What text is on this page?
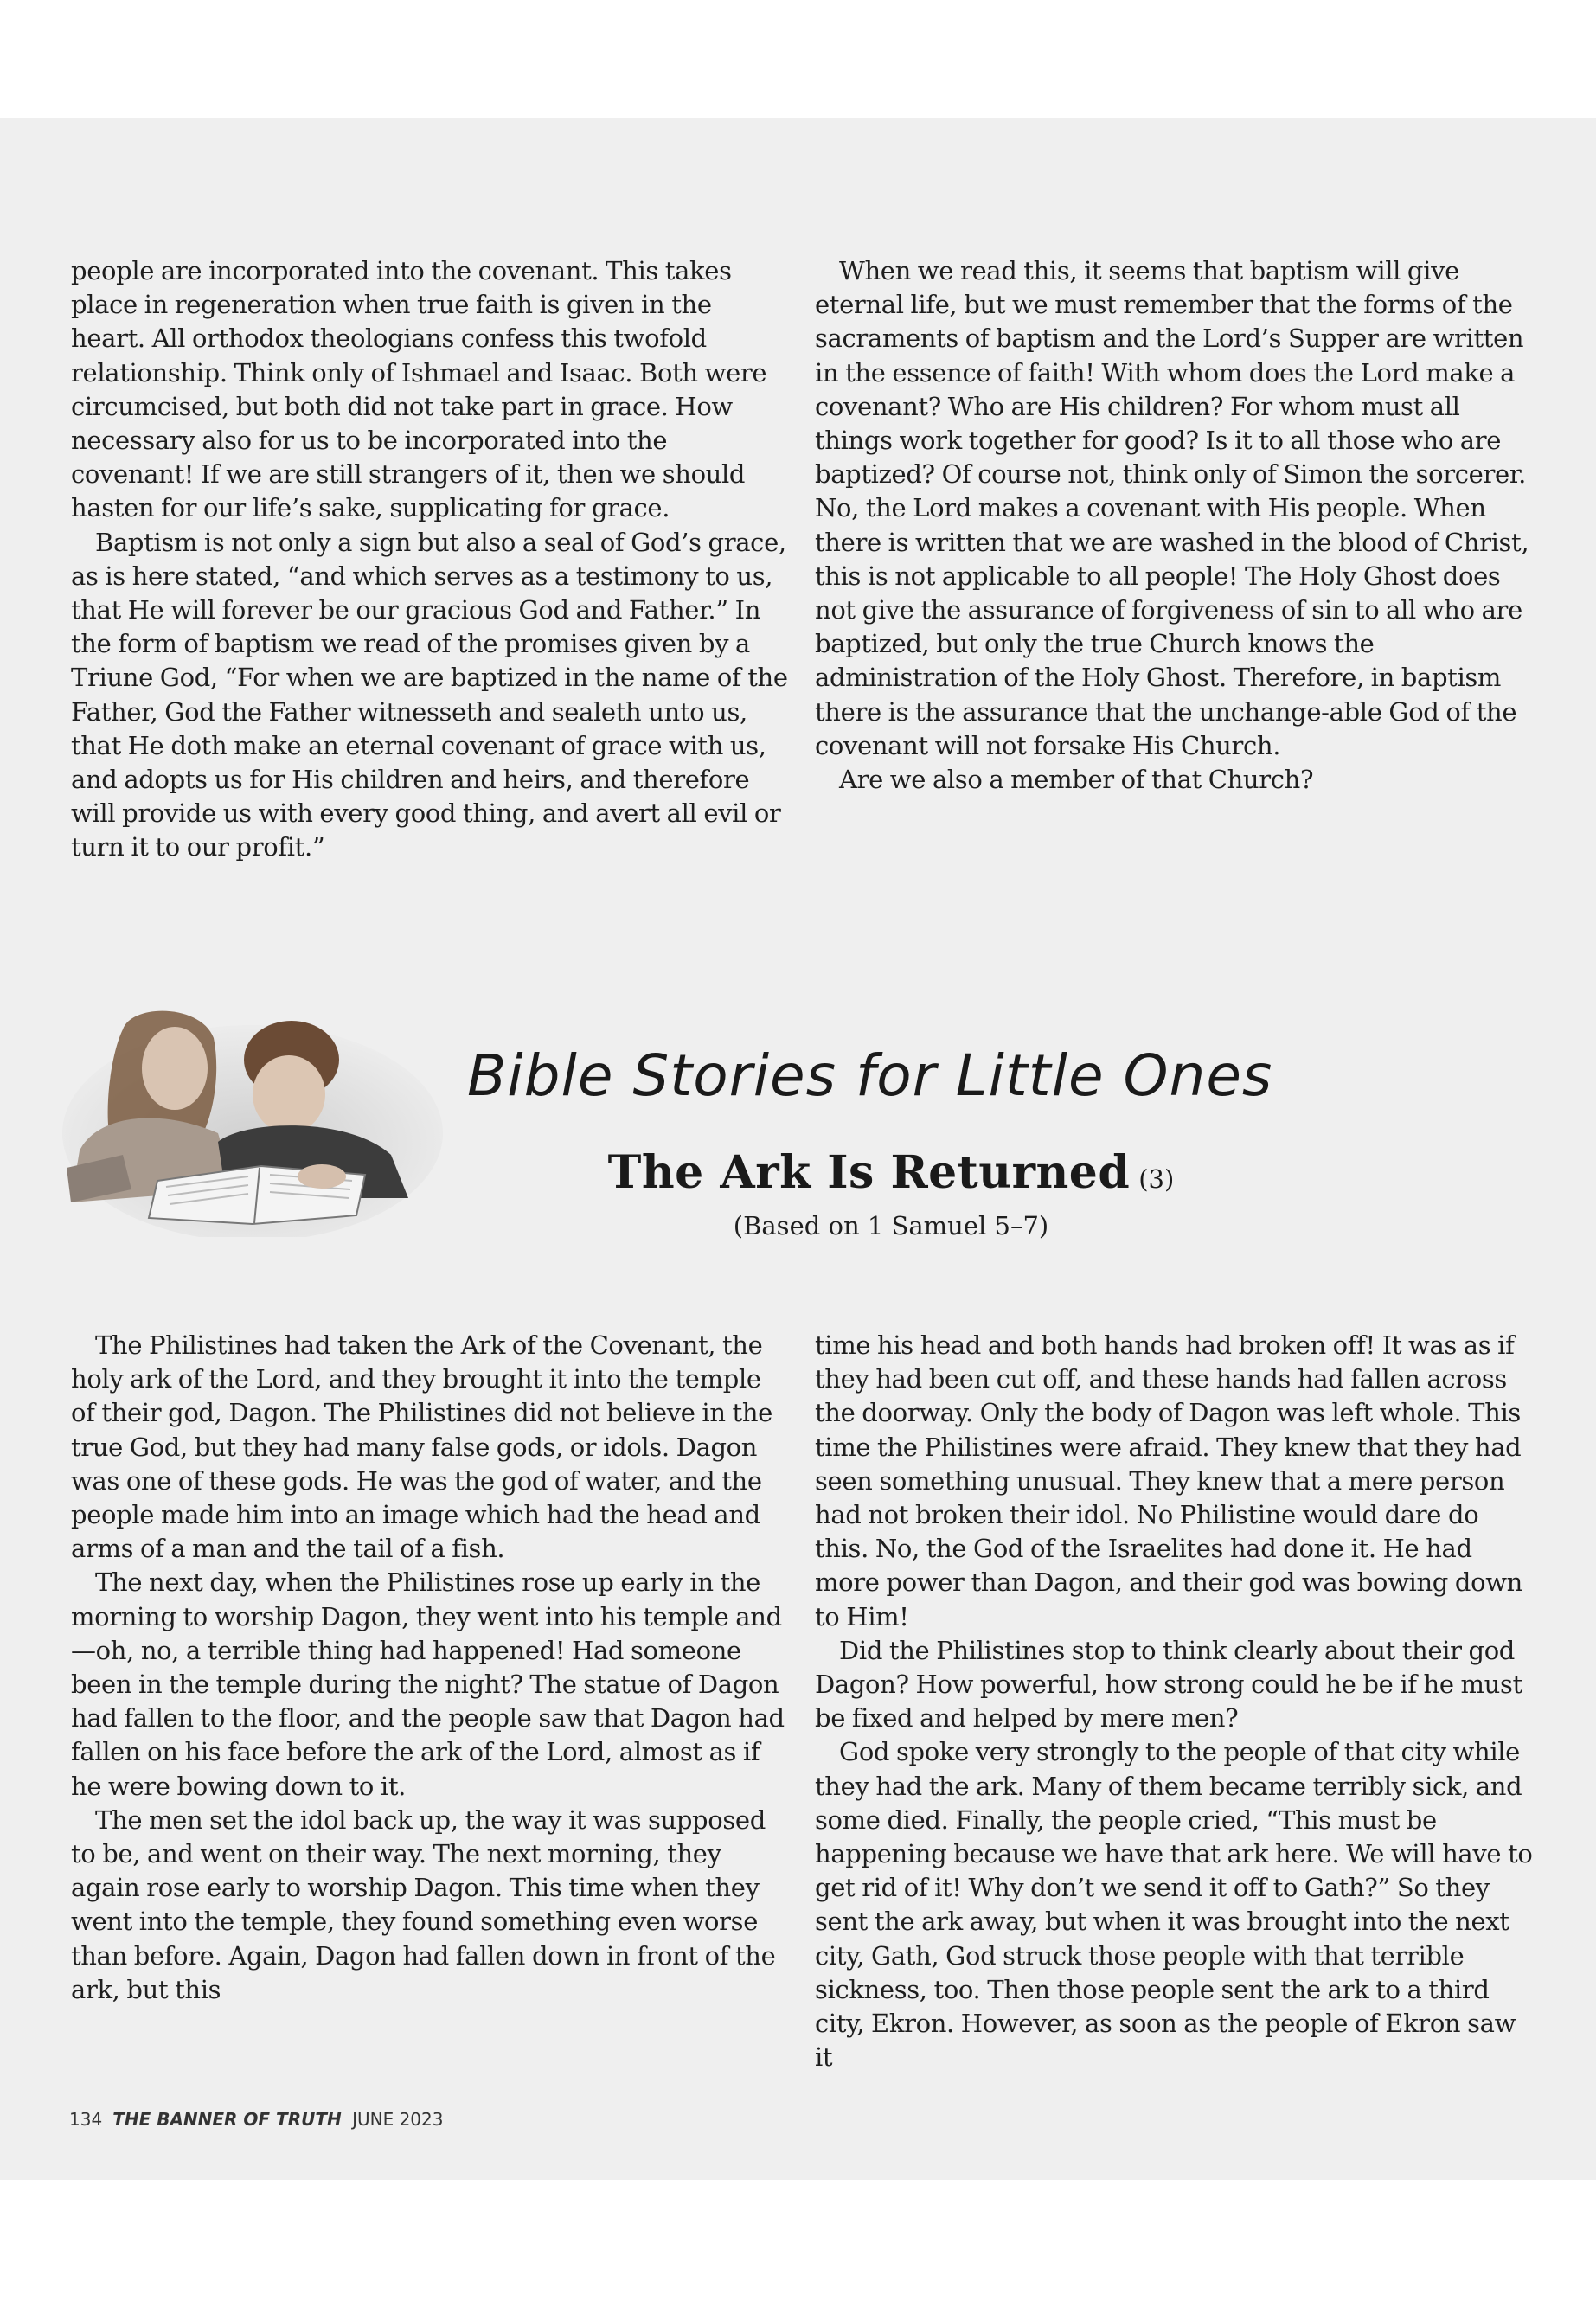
people are incorporated into the covenant. This takes place in regeneration when true faith is given in the heart. All orthodox theologians confess this twofold relationship. Think only of Ishmael and Isaac. Both were circumcised, but both did not take part in grace. How necessary also for us to be incorporated into the covenant! If we are still strangers of it, then we should hasten for our life’s sake, supplicating for grace.

Baptism is not only a sign but also a seal of God’s grace, as is here stated, “and which serves as a testimony to us, that He will forever be our gracious God and Father.” In the form of baptism we read of the promises given by a Triune God, “For when we are baptized in the name of the Father, God the Father witnesseth and sealeth unto us, that He doth make an eternal covenant of grace with us, and adopts us for His children and heirs, and therefore will provide us with every good thing, and avert all evil or turn it to our profit.”

When we read this, it seems that baptism will give eternal life, but we must remember that the forms of the sacraments of baptism and the Lord’s Supper are written in the essence of faith! With whom does the Lord make a covenant? Who are His children? For whom must all things work together for good? Is it to all those who are baptized? Of course not, think only of Simon the sorcerer. No, the Lord makes a covenant with His people. When there is written that we are washed in the blood of Christ, this is not applicable to all people! The Holy Ghost does not give the assurance of forgiveness of sin to all who are baptized, but only the true Church knows the administration of the Holy Ghost. Therefore, in baptism there is the assurance that the unchange-able God of the covenant will not forsake His Church.

Are we also a member of that Church?

Bible Stories for Little Ones
The Ark Is Returned (3)
(Based on 1 Samuel 5–7)

The Philistines had taken the Ark of the Covenant, the holy ark of the Lord, and they brought it into the temple of their god, Dagon. The Philistines did not believe in the true God, but they had many false gods, or idols. Dagon was one of these gods. He was the god of water, and the people made him into an image which had the head and arms of a man and the tail of a fish.

The next day, when the Philistines rose up early in the morning to worship Dagon, they went into his temple and—oh, no, a terrible thing had happened! Had someone been in the temple during the night? The statue of Dagon had fallen to the floor, and the people saw that Dagon had fallen on his face before the ark of the Lord, almost as if he were bowing down to it.

The men set the idol back up, the way it was supposed to be, and went on their way. The next morning, they again rose early to worship Dagon. This time when they went into the temple, they found something even worse than before. Again, Dagon had fallen down in front of the ark, but this

time his head and both hands had broken off! It was as if they had been cut off, and these hands had fallen across the doorway. Only the body of Dagon was left whole. This time the Philistines were afraid. They knew that they had seen something unusual. They knew that a mere person had not broken their idol. No Philistine would dare do this. No, the God of the Israelites had done it. He had more power than Dagon, and their god was bowing down to Him!

Did the Philistines stop to think clearly about their god Dagon? How powerful, how strong could he be if he must be fixed and helped by mere men?

God spoke very strongly to the people of that city while they had the ark. Many of them became terribly sick, and some died. Finally, the people cried, “This must be happening because we have that ark here. We will have to get rid of it! Why don’t we send it off to Gath?” So they sent the ark away, but when it was brought into the next city, Gath, God struck those people with that terrible sickness, too. Then those people sent the ark to a third city, Ekron. However, as soon as the people of Ekron saw it

134 THE BANNER OF TRUTH JUNE 2023
